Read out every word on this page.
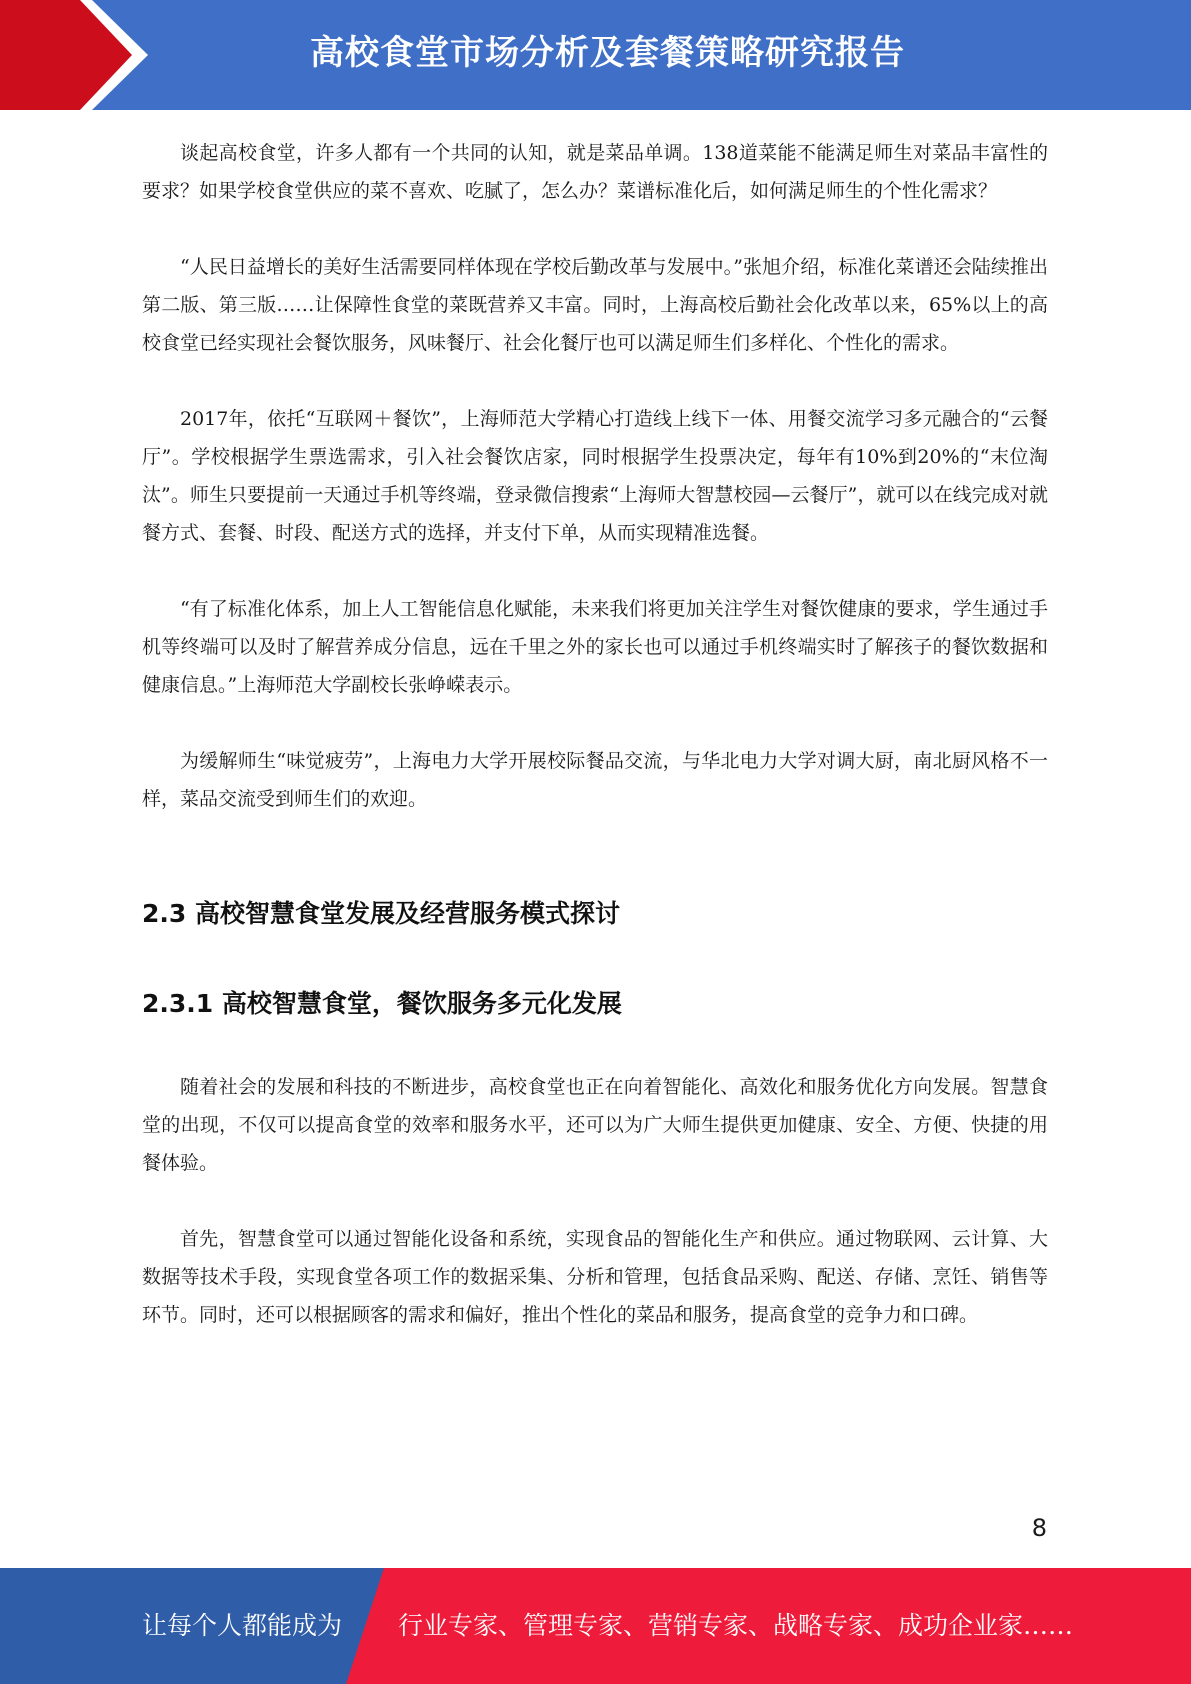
高校食堂市场分析及套餐策略研究报告

谈起高校食堂，许多人都有一个共同的认知，就是菜品单调。138道菜能不能满足师生对菜品丰富性的要求？如果学校食堂供应的菜不喜欢、吃腻了，怎么办？菜谱标准化后，如何满足师生的个性化需求？

“人民日益增长的美好生活需要同样体现在学校后勤改革与发展中。”张旭介绍，标准化菜谱还会陆续推出第二版、第三版……让保障性食堂的菜既营养又丰富。同时，上海高校后勤社会化改革以来，65%以上的高校食堂已经实现社会餐饮服务，风味餐厅、社会化餐厅也可以满足师生们多样化、个性化的需求。

2017年，依托“互联网＋餐饮”，上海师范大学精心打造线上线下一体、用餐交流学习多元融合的“云餐厅”。学校根据学生票选需求，引入社会餐饮店家，同时根据学生投票决定，每年有10%到20%的“末位淘汰”。师生只要提前一天通过手机等终端，登录微信搜索“上海师大智慧校园—云餐厅”，就可以在线完成对就餐方式、套餐、时段、配送方式的选择，并支付下单，从而实现精准选餐。

“有了标准化体系，加上人工智能信息化赋能，未来我们将更加关注学生对餐饮健康的要求，学生通过手机等终端可以及时了解营养成分信息，远在千里之外的家长也可以通过手机终端实时了解孩子的餐饮数据和健康信息。”上海师范大学副校长张峥嵘表示。

为缓解师生“味觉疲劳”，上海电力大学开展校际餐品交流，与华北电力大学对调大厨，南北厨风格不一样，菜品交流受到师生们的欢迎。

2.3 高校智慧食堂发展及经营服务模式探讨
2.3.1 高校智慧食堂，餐饮服务多元化发展

随着社会的发展和科技的不断进步，高校食堂也正在向着智能化、高效化和服务优化方向发展。智慧食堂的出现，不仅可以提高食堂的效率和服务水平，还可以为广大师生提供更加健康、安全、方便、快捷的用餐体验。

首先，智慧食堂可以通过智能化设备和系统，实现食品的智能化生产和供应。通过物联网、云计算、大数据等技术手段，实现食堂各项工作的数据采集、分析和管理，包括食品采购、配送、存储、烹饪、销售等环节。同时，还可以根据顾客的需求和偏好，推出个性化的菜品和服务，提高食堂的竞争力和口碑。

8
让每个人都能成为 行业专家、管理专家、营销专家、战略专家、成功企业家……
